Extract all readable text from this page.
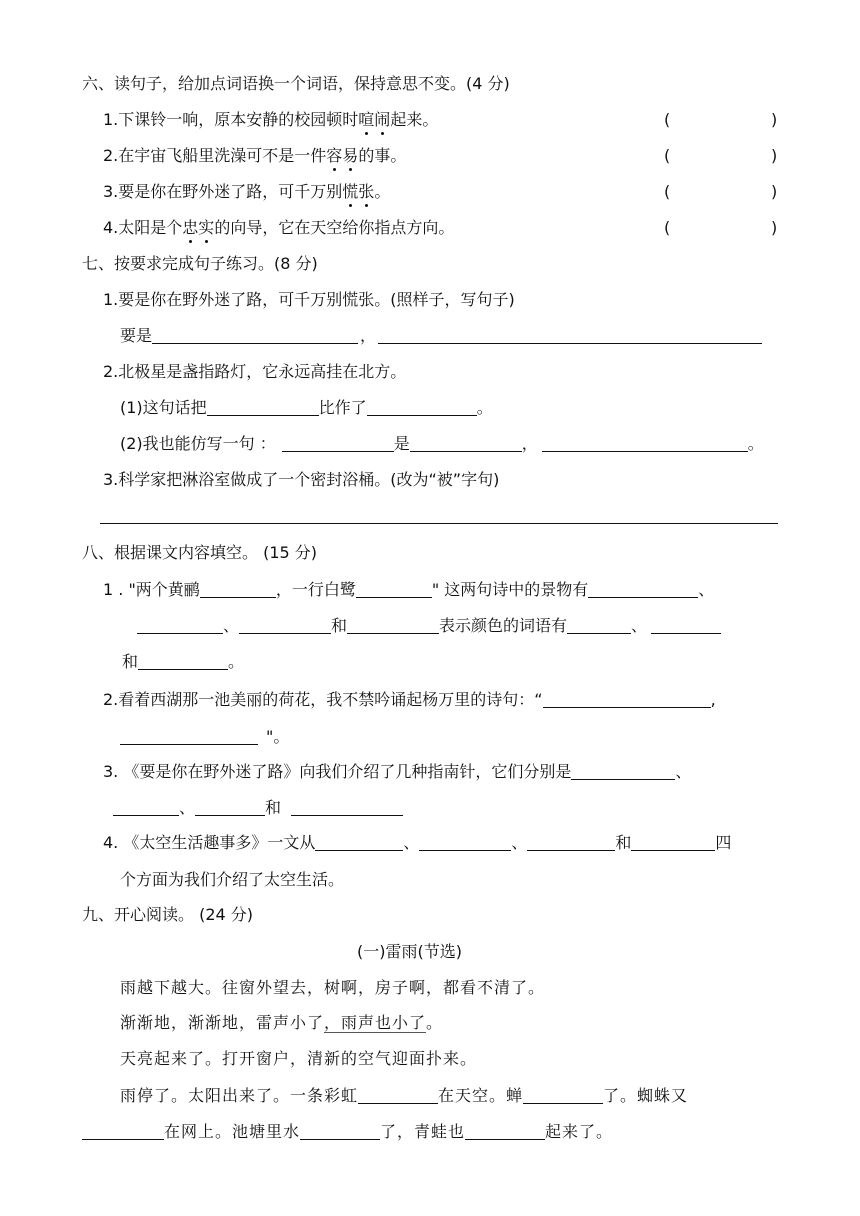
六、读句子，给加点词语换一个词语，保持意思不变。(4 分)
1.下课铃一响，原本安静的校园顿时喧闹起来。	(	)
2.在宇宙飞船里洗澡可不是一件容易的事。	(	)
3.要是你在野外迷了路，可千万别慌张。	(	)
4.太阳是个忠实的向导，它在天空给你指点方向。	(	)
七、按要求完成句子练习。(8 分)
1.要是你在野外迷了路，可千万别慌张。(照样子，写句子)
要是	，
2.北极星是盏指路灯，它永远高挂在北方。
(1)这句话把	比作了	。
(2)我也能仿写一句 ：	是	，	。
3.科学家把淋浴室做成了一个密封浴桶。(改为“被”字句)
八、根据课文内容填空。 (15 分)
1 . "两个黄鹂	，一行白鹭	" 这两句诗中的景物有	、
、	和	表示颜色的词语有	、
和	。
2.看着西湖那一池美丽的荷花，我不禁吟诵起杨万里的诗句：“	,
"。
3. 《要是你在野外迷了路》向我们介绍了几种指南针，它们分别是	、
、	和
4. 《太空生活趣事多》一文从	、	、	和	四
个方面为我们介绍了太空生活。
九、开心阅读。 (24 分)
(一)雷雨(节选)
雨越下越大。往窗外望去，树啊，房子啊，都看不清了。
渐渐地，渐渐地，雷声小了，雨声也小了。
天亮起来了。打开窗户，清新的空气迎面扑来。
雨停了。太阳出来了。一条彩虹	在天空。蝉	了。蜘蛛又
在网上。池塘里水	了，青蛙也	起来了。
